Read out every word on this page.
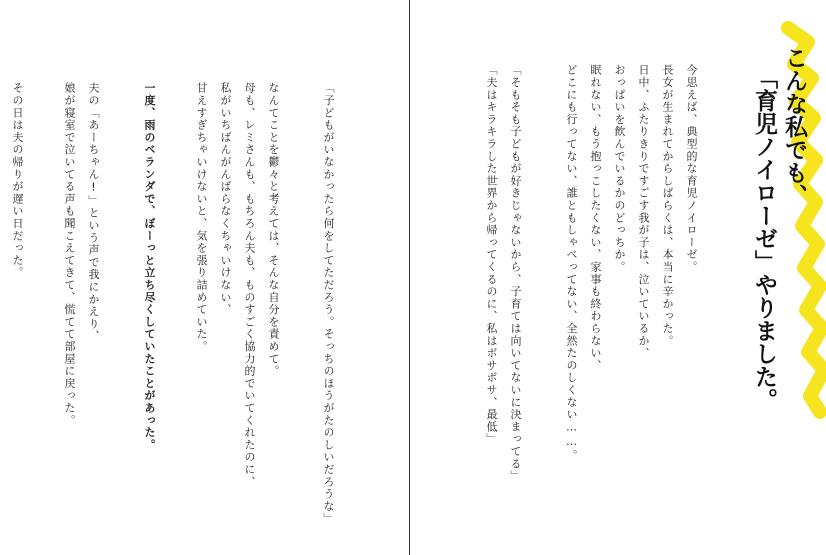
「子どもがいなかったら何をしてただろう。そっちのほうがたのしいだろうな」
なんてことを鬱々と考えては、そんな自分を責めて。
母も、レミさんも、もちろん夫も、ものすごく協力的でいてくれたのに、
私がいちばんがんばらなくちゃいけない、
甘えすぎちゃいけないと、気を張り詰めていた。
一度、雨のベランダで、ぼーっと立ち尽くしていたことがあった。
夫の「あーちゃん!」という声で我にかえり、
娘が寝室で泣いてる声も聞こえてきて、慌てて部屋に戻った。
その日は夫の帰りが遅い日だった。	今思えば、典型的な育児ノイローゼ。
長女が生まれてからしばらくは、本当に辛かった。
日中、ふたりきりですごす我が子は、泣いているか、
おっぱいを飲んでいるかのどっちか。
眠れない、もう抱っこしたくない、家事も終わらない、
どこにも行ってない、誰ともしゃべってない、全然たのしくない……。
「そもそも子どもが好きじゃないから、子育ては向いてないに決まってる」
「夫はキラキラした世界から帰ってくるのに、私はボサボサ、最低」	こんな私でも、
「育児ノイローゼ」やりました。
